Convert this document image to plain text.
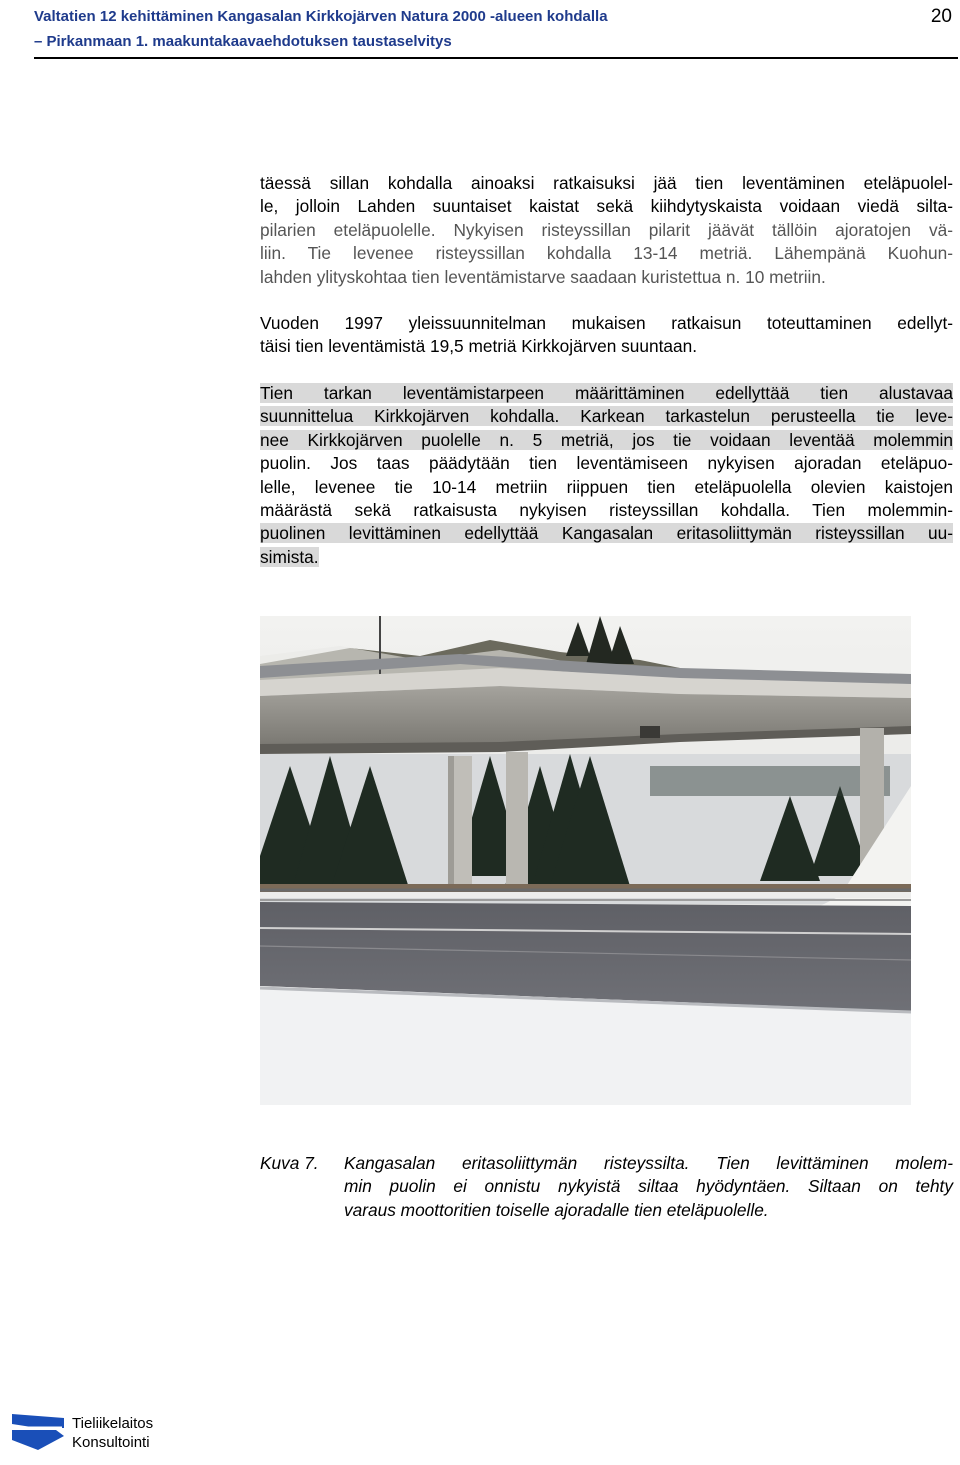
Valtatien 12 kehittäminen Kangasalan Kirkkojärven Natura 2000 -alueen kohdalla
– Pirkanmaan 1. maakuntakaavaehdotuksen taustaselvitys
20
täessä sillan kohdalla ainoaksi ratkaisuksi jää tien leventäminen eteläpuolel-
le, jolloin Lahden suuntaiset kaistat sekä kiihdytyskaista voidaan viedä silta-
pilarien eteläpuolelle. Nykyisen risteyssillan pilarit jäävät tällöin ajoratojen vä-
liin. Tie levenee risteyssillan kohdalla 13-14 metriä. Lähempänä Kuohun-
lahden ylityskohtaa tien leventämistarve saadaan kuristettua n. 10 metriin.
Vuoden 1997 yleissuunnitelman mukaisen ratkaisun toteuttaminen edellyt-
täisi tien leventämistä 19,5 metriä Kirkkojärven suuntaan.
Tien tarkan leventämistarpeen määrittäminen edellyttää tien alustavaa
suunnittelua Kirkkojärven kohdalla. Karkean tarkastelun perusteella tie leve-
nee Kirkkojärven puolelle n. 5 metriä, jos tie voidaan leventää molemmin
puolin. Jos taas päädytään tien leventämiseen nykyisen ajoradan eteläpuo-
lelle, levenee tie 10-14 metriin riippuen tien eteläpuolella olevien kaistojen
määrästä sekä ratkaisusta nykyisen risteyssillan kohdalla. Tien molemmin-
puolinen levittäminen edellyttää Kangasalan eritasoliittymän risteyssillan uu-
simista.
Kuva 7. Kangasalan eritasoliittymän risteyssilta. Tien levittäminen molem-
min puolin ei onnistu nykyistä siltaa hyödyntäen. Siltaan on tehty
varaus moottoritien toiselle ajoradalle tien eteläpuolelle.
Tieliikelaitos
Konsultointi
